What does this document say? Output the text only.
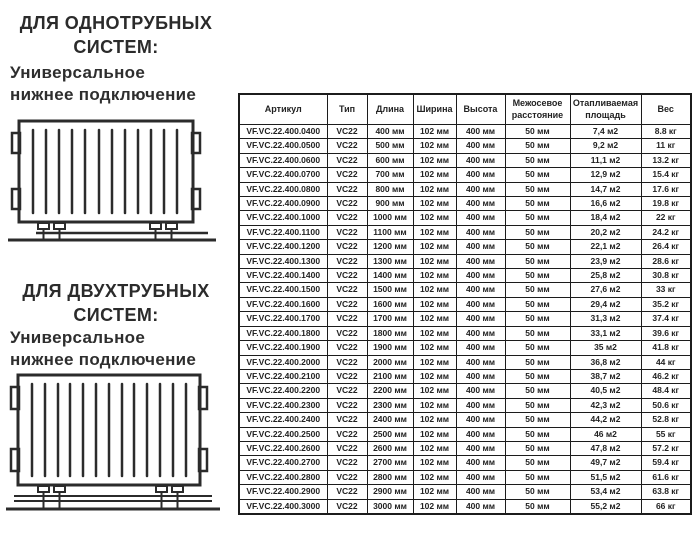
ДЛЯ ОДНОТРУБНЫХ
СИСТЕМ:
Универсальное
нижнее подключение
ДЛЯ ДВУХТРУБНЫХ
СИСТЕМ:
Универсальное
нижнее подключение
Артикул	Тип	Длина	Ширина	Высота	Межосевое расстояние	Отапливаемая площадь	Вес
VF.VC.22.400.0400	VC22	400 мм	102 мм	400 мм	50 мм	7,4 м2	8.8 кг
VF.VC.22.400.0500	VC22	500 мм	102 мм	400 мм	50 мм	9,2 м2	11 кг
VF.VC.22.400.0600	VC22	600 мм	102 мм	400 мм	50 мм	11,1 м2	13.2 кг
VF.VC.22.400.0700	VC22	700 мм	102 мм	400 мм	50 мм	12,9 м2	15.4 кг
VF.VC.22.400.0800	VC22	800 мм	102 мм	400 мм	50 мм	14,7 м2	17.6 кг
VF.VC.22.400.0900	VC22	900 мм	102 мм	400 мм	50 мм	16,6 м2	19.8 кг
VF.VC.22.400.1000	VC22	1000 мм	102 мм	400 мм	50 мм	18,4 м2	22 кг
VF.VC.22.400.1100	VC22	1100 мм	102 мм	400 мм	50 мм	20,2 м2	24.2 кг
VF.VC.22.400.1200	VC22	1200 мм	102 мм	400 мм	50 мм	22,1 м2	26.4 кг
VF.VC.22.400.1300	VC22	1300 мм	102 мм	400 мм	50 мм	23,9 м2	28.6 кг
VF.VC.22.400.1400	VC22	1400 мм	102 мм	400 мм	50 мм	25,8 м2	30.8 кг
VF.VC.22.400.1500	VC22	1500 мм	102 мм	400 мм	50 мм	27,6 м2	33 кг
VF.VC.22.400.1600	VC22	1600 мм	102 мм	400 мм	50 мм	29,4 м2	35.2 кг
VF.VC.22.400.1700	VC22	1700 мм	102 мм	400 мм	50 мм	31,3 м2	37.4 кг
VF.VC.22.400.1800	VC22	1800 мм	102 мм	400 мм	50 мм	33,1 м2	39.6 кг
VF.VC.22.400.1900	VC22	1900 мм	102 мм	400 мм	50 мм	35 м2	41.8 кг
VF.VC.22.400.2000	VC22	2000 мм	102 мм	400 мм	50 мм	36,8 м2	44 кг
VF.VC.22.400.2100	VC22	2100 мм	102 мм	400 мм	50 мм	38,7 м2	46.2 кг
VF.VC.22.400.2200	VC22	2200 мм	102 мм	400 мм	50 мм	40,5 м2	48.4 кг
VF.VC.22.400.2300	VC22	2300 мм	102 мм	400 мм	50 мм	42,3 м2	50.6 кг
VF.VC.22.400.2400	VC22	2400 мм	102 мм	400 мм	50 мм	44,2 м2	52.8 кг
VF.VC.22.400.2500	VC22	2500 мм	102 мм	400 мм	50 мм	46 м2	55 кг
VF.VC.22.400.2600	VC22	2600 мм	102 мм	400 мм	50 мм	47,8 м2	57.2 кг
VF.VC.22.400.2700	VC22	2700 мм	102 мм	400 мм	50 мм	49,7 м2	59.4 кг
VF.VC.22.400.2800	VC22	2800 мм	102 мм	400 мм	50 мм	51,5 м2	61.6 кг
VF.VC.22.400.2900	VC22	2900 мм	102 мм	400 мм	50 мм	53,4 м2	63.8 кг
VF.VC.22.400.3000	VC22	3000 мм	102 мм	400 мм	50 мм	55,2 м2	66 кг
